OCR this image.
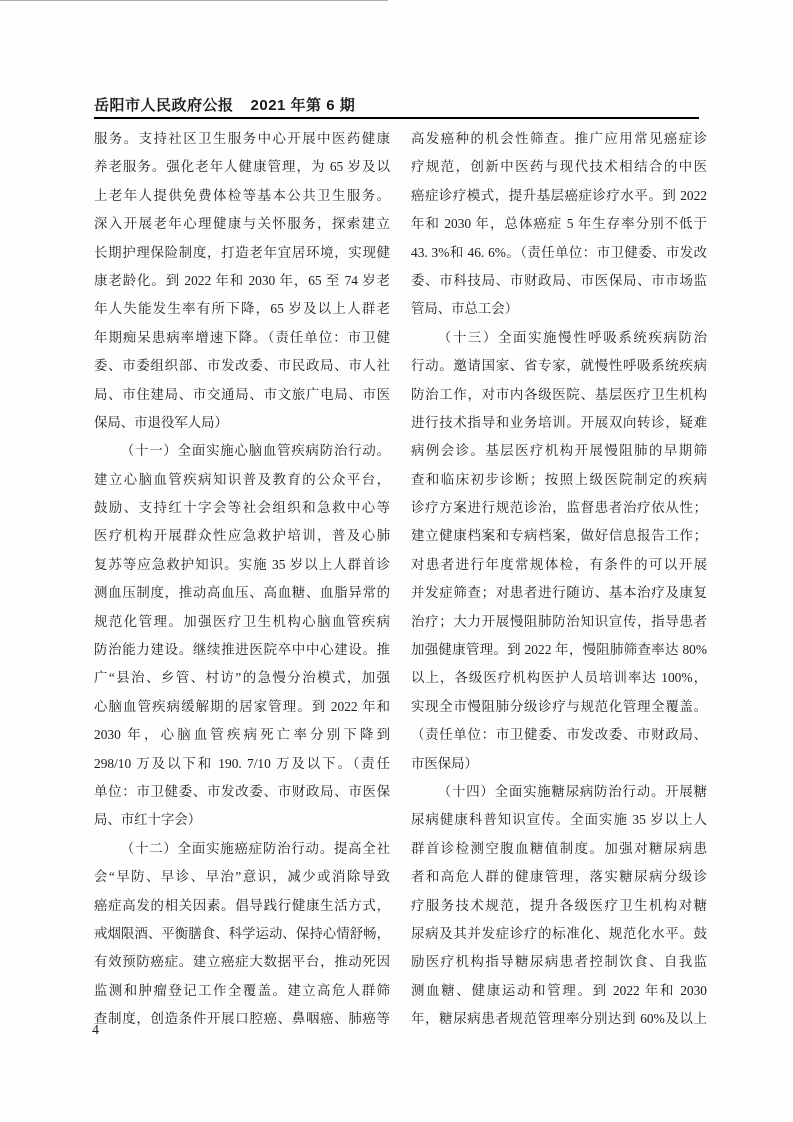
岳阳市人民政府公报 2021 年第 6 期
服务。支持社区卫生服务中心开展中医药健康
养老服务。强化老年人健康管理，为 65 岁及以
上老年人提供免费体检等基本公共卫生服务。
深入开展老年心理健康与关怀服务，探索建立
长期护理保险制度，打造老年宜居环境，实现健
康老龄化。到 2022 年和 2030 年，65 至 74 岁老
年人失能发生率有所下降，65 岁及以上人群老
年期痴呆患病率增速下降。（责任单位：市卫健
委、市委组织部、市发改委、市民政局、市人社
局、市住建局、市交通局、市文旅广电局、市医
保局、市退役军人局）
（十一）全面实施心脑血管疾病防治行动。
建立心脑血管疾病知识普及教育的公众平台，
鼓励、支持红十字会等社会组织和急救中心等
医疗机构开展群众性应急救护培训，普及心肺
复苏等应急救护知识。实施 35 岁以上人群首诊
测血压制度，推动高血压、高血糖、血脂异常的
规范化管理。加强医疗卫生机构心脑血管疾病
防治能力建设。继续推进医院卒中中心建设。推
广“县治、乡管、村访”的急慢分治模式，加强
心脑血管疾病缓解期的居家管理。到 2022 年和
2030 年，心脑血管疾病死亡率分别下降到
298/10 万及以下和 190. 7/10 万及以下。（责任
单位：市卫健委、市发改委、市财政局、市医保
局、市红十字会）
（十二）全面实施癌症防治行动。提高全社
会“早防、早诊、早治”意识，减少或消除导致
癌症高发的相关因素。倡导践行健康生活方式，
戒烟限酒、平衡膳食、科学运动、保持心情舒畅，
有效预防癌症。建立癌症大数据平台，推动死因
监测和肿瘤登记工作全覆盖。建立高危人群筛
查制度，创造条件开展口腔癌、鼻咽癌、肺癌等
高发癌种的机会性筛查。推广应用常见癌症诊
疗规范，创新中医药与现代技术相结合的中医
癌症诊疗模式，提升基层癌症诊疗水平。到 2022
年和 2030 年，总体癌症 5 年生存率分别不低于
43. 3%和 46. 6%。（责任单位：市卫健委、市发改
委、市科技局、市财政局、市医保局、市市场监
管局、市总工会）
（十三）全面实施慢性呼吸系统疾病防治
行动。邀请国家、省专家，就慢性呼吸系统疾病
防治工作，对市内各级医院、基层医疗卫生机构
进行技术指导和业务培训。开展双向转诊，疑难
病例会诊。基层医疗机构开展慢阻肺的早期筛
查和临床初步诊断；按照上级医院制定的疾病
诊疗方案进行规范诊治，监督患者治疗依从性；
建立健康档案和专病档案，做好信息报告工作；
对患者进行年度常规体检，有条件的可以开展
并发症筛查；对患者进行随访、基本治疗及康复
治疗；大力开展慢阻肺防治知识宣传，指导患者
加强健康管理。到 2022 年，慢阻肺筛查率达 80%
以上，各级医疗机构医护人员培训率达 100%，
实现全市慢阻肺分级诊疗与规范化管理全覆盖。
（责任单位：市卫健委、市发改委、市财政局、
市医保局）
（十四）全面实施糖尿病防治行动。开展糖
尿病健康科普知识宣传。全面实施 35 岁以上人
群首诊检测空腹血糖值制度。加强对糖尿病患
者和高危人群的健康管理，落实糖尿病分级诊
疗服务技术规范，提升各级医疗卫生机构对糖
尿病及其并发症诊疗的标准化、规范化水平。鼓
励医疗机构指导糖尿病患者控制饮食、自我监
测血糖、健康运动和管理。到 2022 年和 2030
年，糖尿病患者规范管理率分别达到 60%及以上
4
